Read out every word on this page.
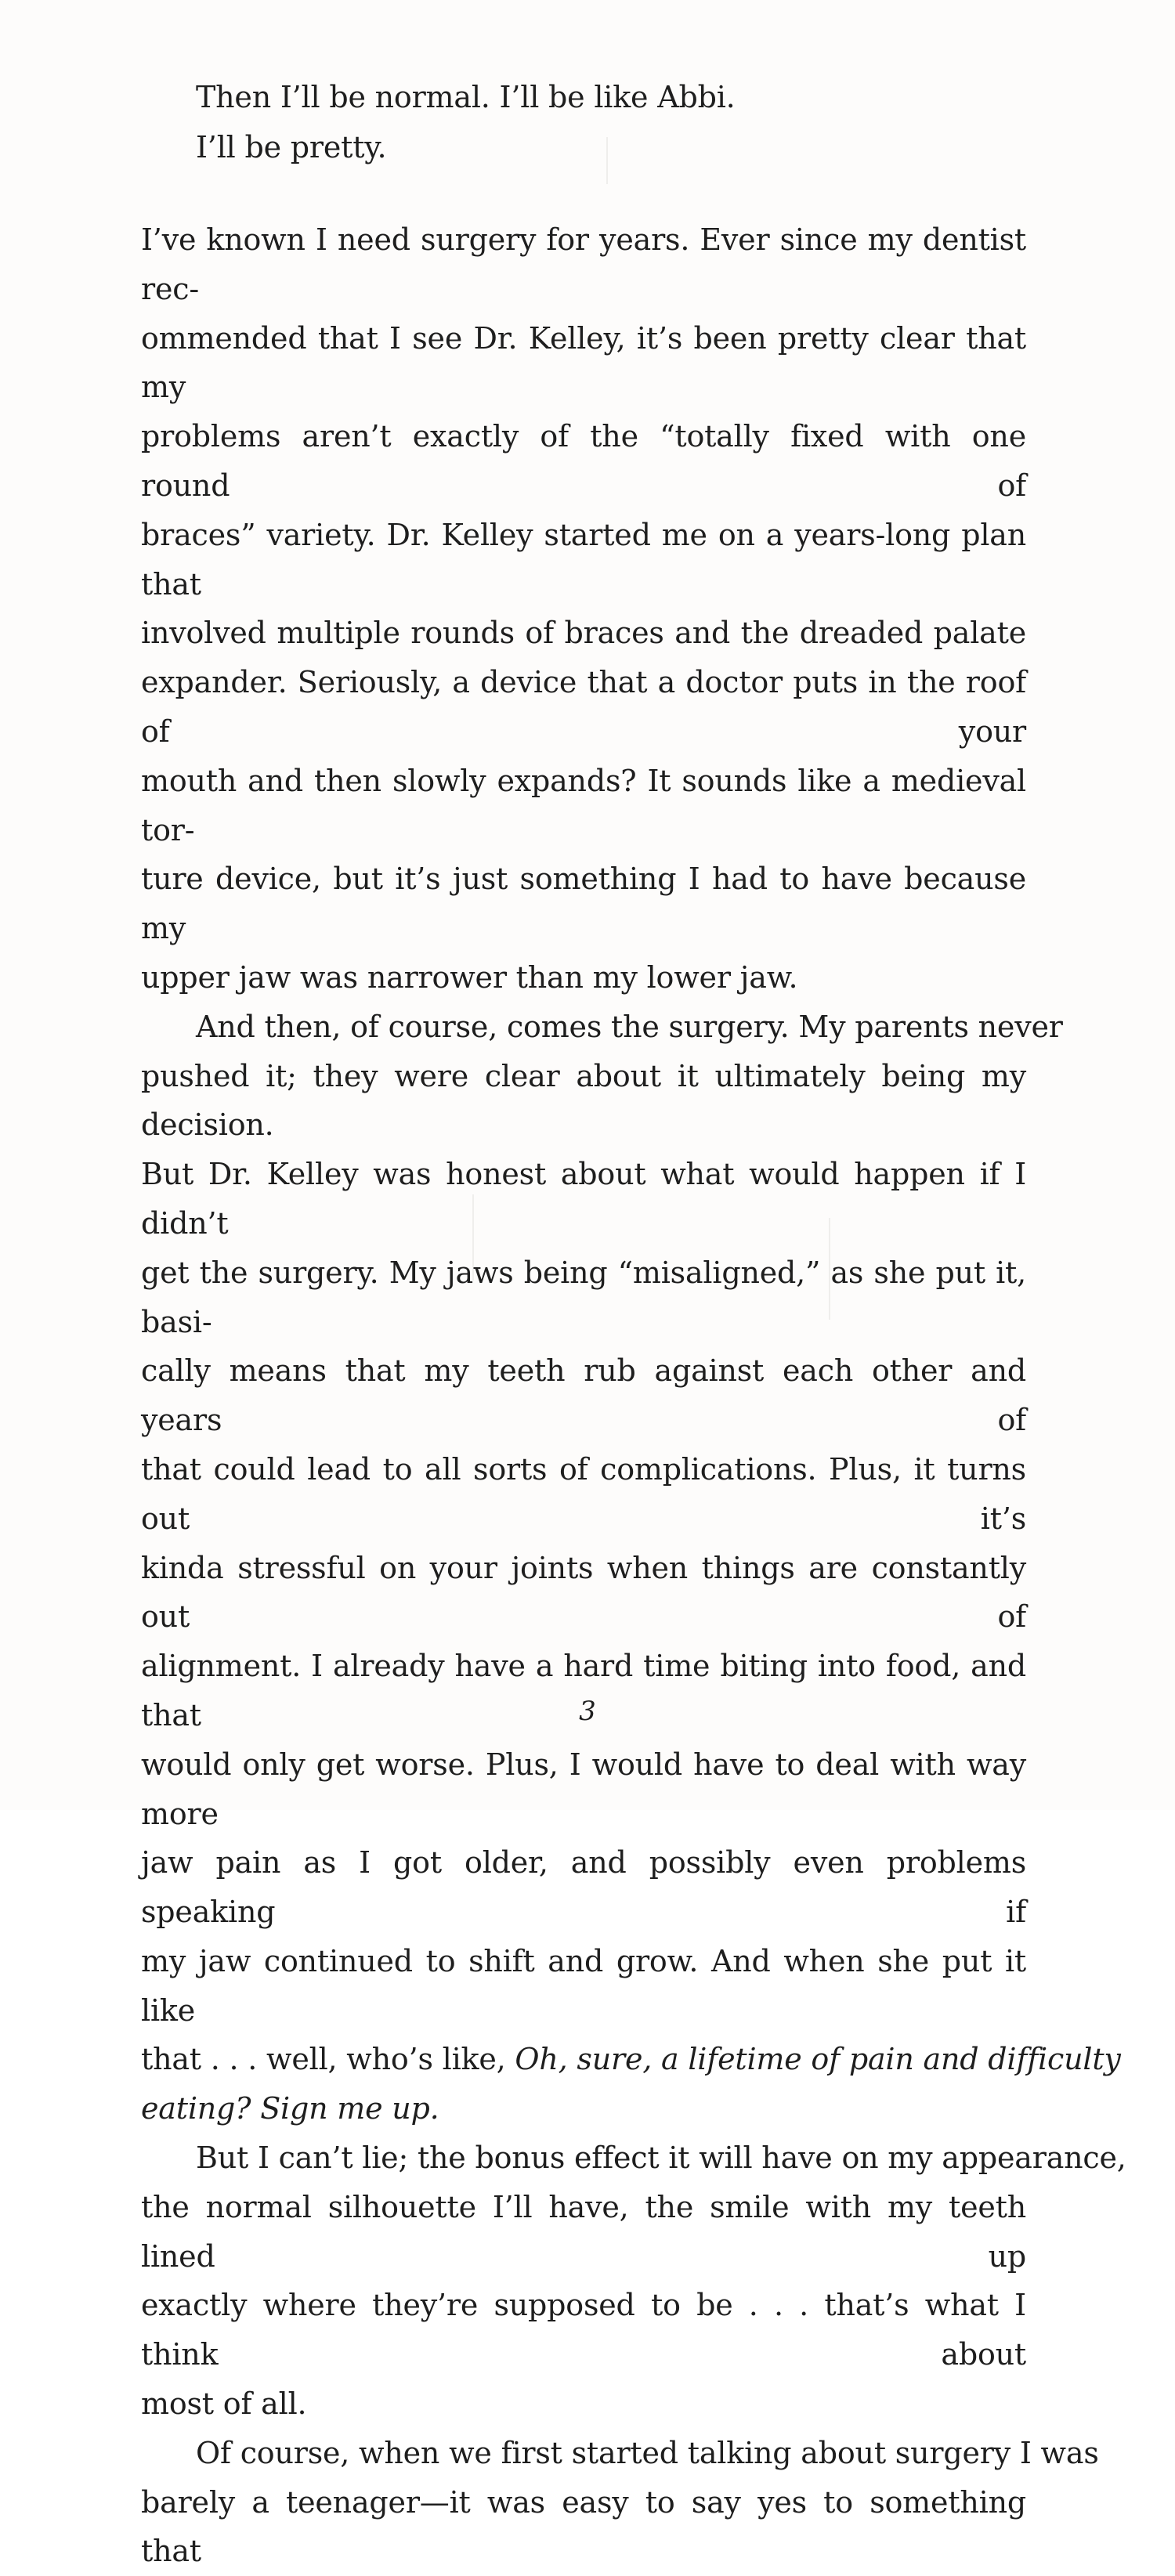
Then I’ll be normal. I’ll be like Abbi.
I’ll be pretty.
I’ve known I need surgery for years. Ever since my dentist rec-
ommended that I see Dr. Kelley, it’s been pretty clear that my
problems aren’t exactly of the “totally fixed with one round of
braces” variety. Dr. Kelley started me on a years-long plan that
involved multiple rounds of braces and the dreaded palate
expander. Seriously, a device that a doctor puts in the roof of your
mouth and then slowly expands? It sounds like a medieval tor-
ture device, but it’s just something I had to have because my
upper jaw was narrower than my lower jaw.
And then, of course, comes the surgery. My parents never
pushed it; they were clear about it ultimately being my decision.
But Dr. Kelley was honest about what would happen if I didn’t
get the surgery. My jaws being “misaligned,” as she put it, basi-
cally means that my teeth rub against each other and years of
that could lead to all sorts of complications. Plus, it turns out it’s
kinda stressful on your joints when things are constantly out of
alignment. I already have a hard time biting into food, and that
would only get worse. Plus, I would have to deal with way more
jaw pain as I got older, and possibly even problems speaking if
my jaw continued to shift and grow. And when she put it like
that . . . well, who’s like, Oh, sure, a lifetime of pain and difficulty
eating? Sign me up.
But I can’t lie; the bonus effect it will have on my appearance,
the normal silhouette I’ll have, the smile with my teeth lined up
exactly where they’re supposed to be . . . that’s what I think about
most of all.
Of course, when we first started talking about surgery I was
barely a teenager—it was easy to say yes to something that
3
